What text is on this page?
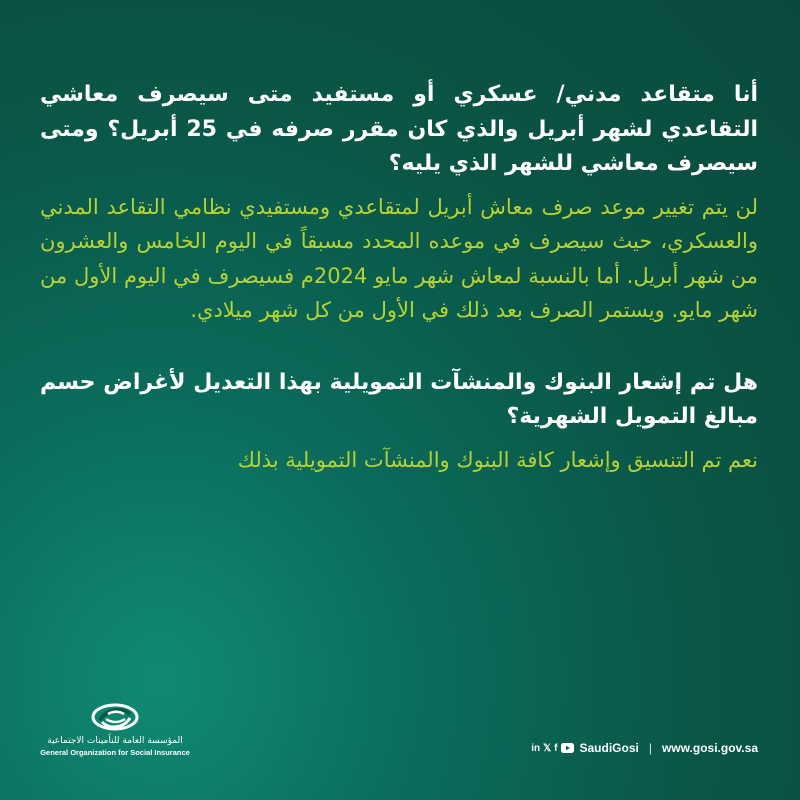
أنا متقاعد مدني/ عسكري أو مستفيد متى سيصرف معاشي التقاعدي لشهر أبريل والذي كان مقرر صرفه في 25 أبريل؟ ومتى سيصرف معاشي للشهر الذي يليه؟

لن يتم تغيير موعد صرف معاش أبريل لمتقاعدي ومستفيدي نظامي التقاعد المدني والعسكري، حيث سيصرف في موعده المحدد مسبقاً في اليوم الخامس والعشرون من شهر أبريل. أما بالنسبة لمعاش شهر مايو 2024م فسيصرف في اليوم الأول من شهر مايو. ويستمر الصرف بعد ذلك في الأول من كل شهر ميلادي.

هل تم إشعار البنوك والمنشآت التمويلية بهذا التعديل لأغراض حسم مبالغ التمويل الشهرية؟

نعم تم التنسيق وإشعار كافة البنوك والمنشآت التمويلية بذلك

المؤسسة العامة للتأمينات الاجتماعية
General Organization for Social Insurance	in 𝕏 f SaudiGosi | www.gosi.gov.sa
